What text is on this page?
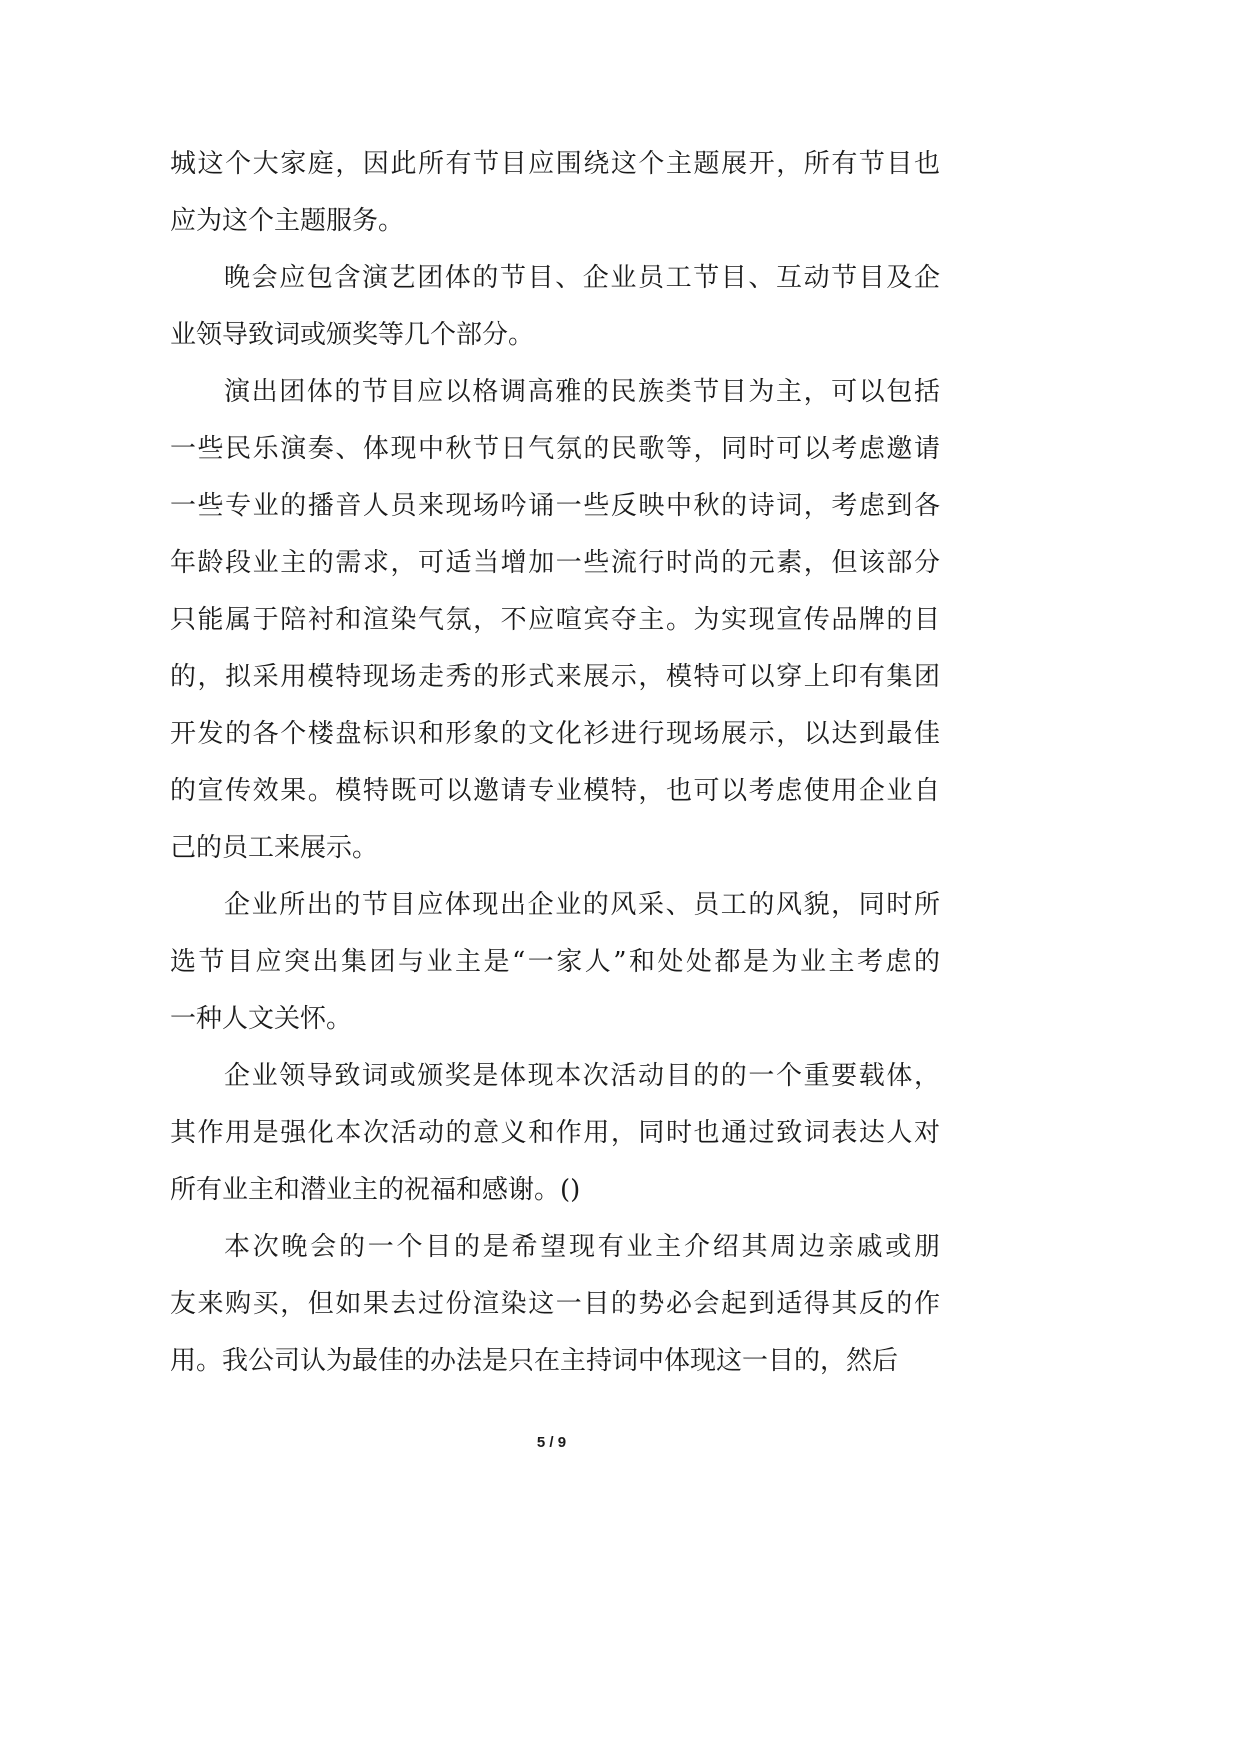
城这个大家庭，因此所有节目应围绕这个主题展开，所有节目也
应为这个主题服务。
晚会应包含演艺团体的节目、企业员工节目、互动节目及企
业领导致词或颁奖等几个部分。
演出团体的节目应以格调高雅的民族类节目为主，可以包括
一些民乐演奏、体现中秋节日气氛的民歌等，同时可以考虑邀请
一些专业的播音人员来现场吟诵一些反映中秋的诗词，考虑到各
年龄段业主的需求，可适当增加一些流行时尚的元素，但该部分
只能属于陪衬和渲染气氛，不应喧宾夺主。为实现宣传品牌的目
的，拟采用模特现场走秀的形式来展示，模特可以穿上印有集团
开发的各个楼盘标识和形象的文化衫进行现场展示，以达到最佳
的宣传效果。模特既可以邀请专业模特，也可以考虑使用企业自
己的员工来展示。
企业所出的节目应体现出企业的风采、员工的风貌，同时所
选节目应突出集团与业主是“一家人”和处处都是为业主考虑的
一种人文关怀。
企业领导致词或颁奖是体现本次活动目的的一个重要载体，
其作用是强化本次活动的意义和作用，同时也通过致词表达人对
所有业主和潜业主的祝福和感谢。()
本次晚会的一个目的是希望现有业主介绍其周边亲戚或朋
友来购买，但如果去过份渲染这一目的势必会起到适得其反的作
用。我公司认为最佳的办法是只在主持词中体现这一目的，然后
5 / 9
